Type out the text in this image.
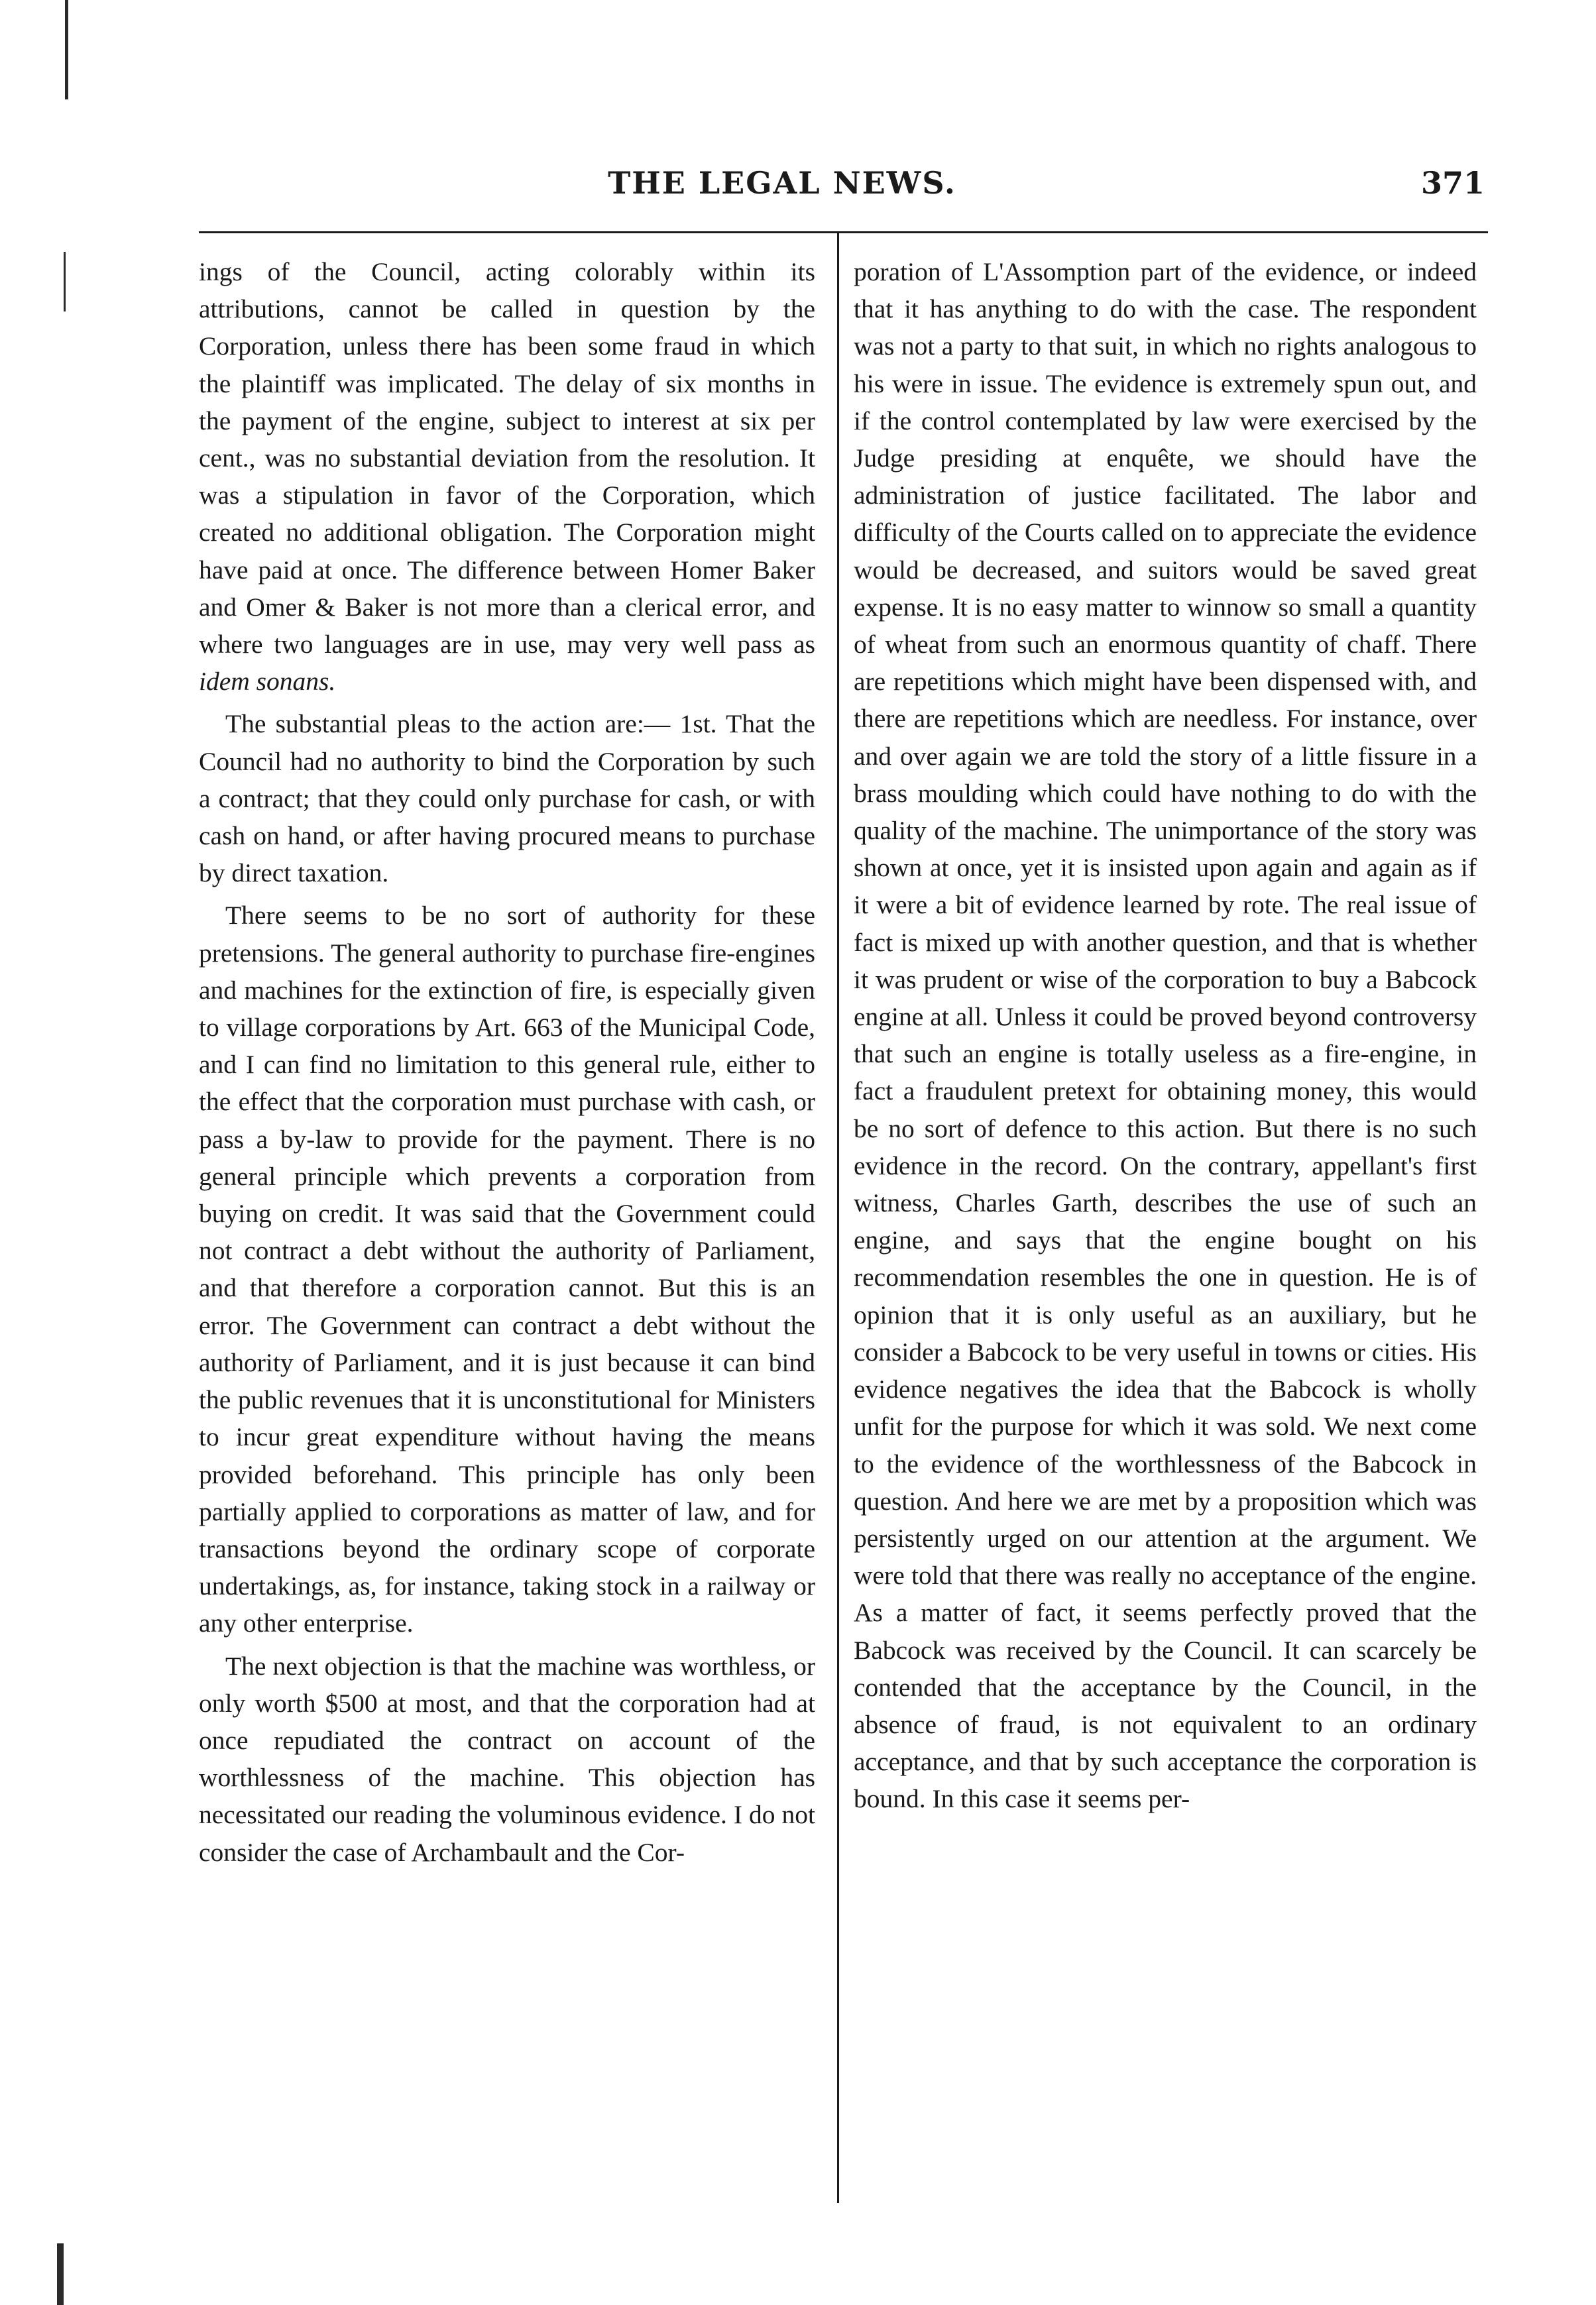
THE LEGAL NEWS.	371

ings of the Council, acting colorably within its attributions, cannot be called in question by the Corporation, unless there has been some fraud in which the plaintiff was implicated. The delay of six months in the payment of the engine, subject to interest at six per cent., was no substantial deviation from the resolution. It was a stipulation in favor of the Corporation, which created no additional obligation. The Corporation might have paid at once. The difference between Homer Baker and Omer & Baker is not more than a clerical error, and where two languages are in use, may very well pass as idem sonans.

The substantial pleas to the action are:— 1st. That the Council had no authority to bind the Corporation by such a contract; that they could only purchase for cash, or with cash on hand, or after having procured means to purchase by direct taxation.

There seems to be no sort of authority for these pretensions. The general authority to purchase fire-engines and machines for the extinction of fire, is especially given to village corporations by Art. 663 of the Municipal Code, and I can find no limitation to this general rule, either to the effect that the corporation must purchase with cash, or pass a by-law to provide for the payment. There is no general principle which prevents a corporation from buying on credit. It was said that the Government could not contract a debt without the authority of Parliament, and that therefore a corporation cannot. But this is an error. The Government can contract a debt without the authority of Parliament, and it is just because it can bind the public revenues that it is unconstitutional for Ministers to incur great expenditure without having the means provided beforehand. This principle has only been partially applied to corporations as matter of law, and for transactions beyond the ordinary scope of corporate undertakings, as, for instance, taking stock in a railway or any other enterprise.

The next objection is that the machine was worthless, or only worth $500 at most, and that the corporation had at once repudiated the contract on account of the worthlessness of the machine. This objection has necessitated our reading the voluminous evidence. I do not consider the case of Archambault and the Cor-

poration of L'Assomption part of the evidence, or indeed that it has anything to do with the case. The respondent was not a party to that suit, in which no rights analogous to his were in issue. The evidence is extremely spun out, and if the control contemplated by law were exercised by the Judge presiding at enquête, we should have the administration of justice facilitated. The labor and difficulty of the Courts called on to appreciate the evidence would be decreased, and suitors would be saved great expense. It is no easy matter to winnow so small a quantity of wheat from such an enormous quantity of chaff. There are repetitions which might have been dispensed with, and there are repetitions which are needless. For instance, over and over again we are told the story of a little fissure in a brass moulding which could have nothing to do with the quality of the machine. The unimportance of the story was shown at once, yet it is insisted upon again and again as if it were a bit of evidence learned by rote. The real issue of fact is mixed up with another question, and that is whether it was prudent or wise of the corporation to buy a Babcock engine at all. Unless it could be proved beyond controversy that such an engine is totally useless as a fire-engine, in fact a fraudulent pretext for obtaining money, this would be no sort of defence to this action. But there is no such evidence in the record. On the contrary, appellant's first witness, Charles Garth, describes the use of such an engine, and says that the engine bought on his recommendation resembles the one in question. He is of opinion that it is only useful as an auxiliary, but he consider a Babcock to be very useful in towns or cities. His evidence negatives the idea that the Babcock is wholly unfit for the purpose for which it was sold. We next come to the evidence of the worthlessness of the Babcock in question. And here we are met by a proposition which was persistently urged on our attention at the argument. We were told that there was really no acceptance of the engine. As a matter of fact, it seems perfectly proved that the Babcock was received by the Council. It can scarcely be contended that the acceptance by the Council, in the absence of fraud, is not equivalent to an ordinary acceptance, and that by such acceptance the corporation is bound. In this case it seems per-
